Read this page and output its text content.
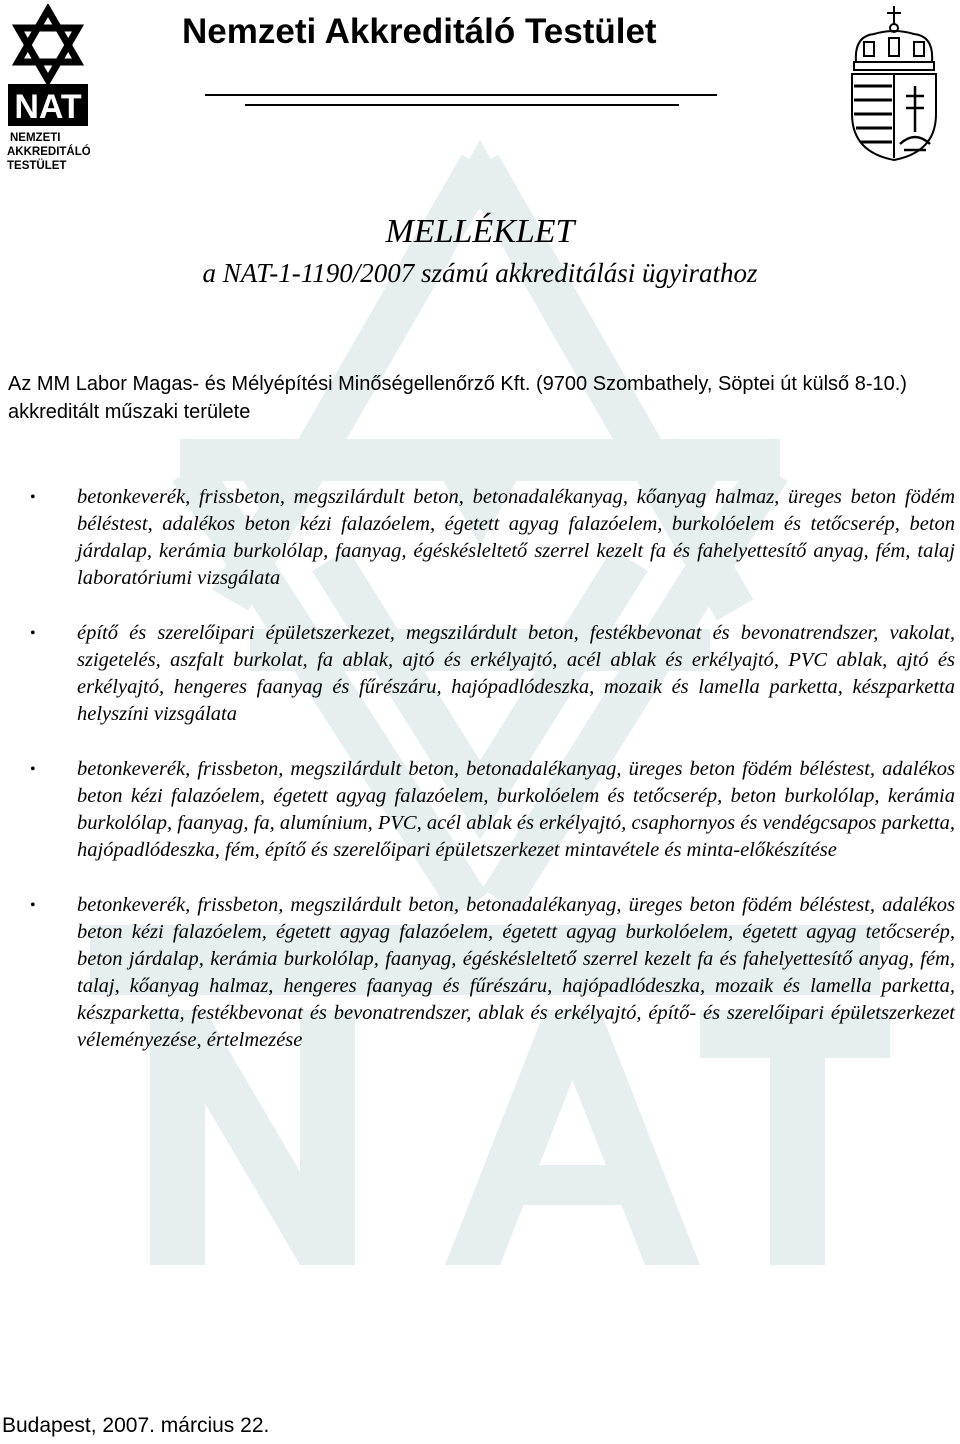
NAT
NEMZETI
AKKREDITÁLÓ
TESTÜLET
Nemzeti Akkreditáló Testület
MELLÉKLET
a NAT-1-1190/2007 számú akkreditálási ügyirathoz
Az MM Labor Magas- és Mélyépítési Minőségellenőrző Kft. (9700 Szombathely, Söptei út külső 8-10.) akkreditált műszaki területe
• betonkeverék, frissbeton, megszilárdult beton, betonadalékanyag, kőanyag halmaz, üreges beton födém béléstest, adalékos beton kézi falazóelem, égetett agyag falazóelem, burkolóelem és tetőcserép, beton járdalap, kerámia burkolólap, faanyag, égéskésleltető szerrel kezelt fa és fahelyettesítő anyag, fém, talaj laboratóriumi vizsgálata
• építő és szerelőipari épületszerkezet, megszilárdult beton, festékbevonat és bevonatrendszer, vakolat, szigetelés, aszfalt burkolat, fa ablak, ajtó és erkélyajtó, acél ablak és erkélyajtó, PVC ablak, ajtó és erkélyajtó, hengeres faanyag és fűrészáru, hajópadlódeszka, mozaik és lamella parketta, készparketta helyszíni vizsgálata
• betonkeverék, frissbeton, megszilárdult beton, betonadalékanyag, üreges beton födém béléstest, adalékos beton kézi falazóelem, égetett agyag falazóelem, burkolóelem és tetőcserép, beton burkolólap, kerámia burkolólap, faanyag, fa, alumínium, PVC, acél ablak és erkélyajtó, csaphornyos és vendégcsapos parketta, hajópadlódeszka, fém, építő és szerelőipari épületszerkezet mintavétele és minta-előkészítése
• betonkeverék, frissbeton, megszilárdult beton, betonadalékanyag, üreges beton födém béléstest, adalékos beton kézi falazóelem, égetett agyag falazóelem, égetett agyag burkolóelem, égetett agyag tetőcserép, beton járdalap, kerámia burkolólap, faanyag, égéskésleltető szerrel kezelt fa és fahelyettesítő anyag, fém, talaj, kőanyag halmaz, hengeres faanyag és fűrészáru, hajópadlódeszka, mozaik és lamella parketta, készparketta, festékbevonat és bevonatrendszer, ablak és erkélyajtó, építő- és szerelőipari épületszerkezet véleményezése, értelmezése
Budapest, 2007. március 22.
